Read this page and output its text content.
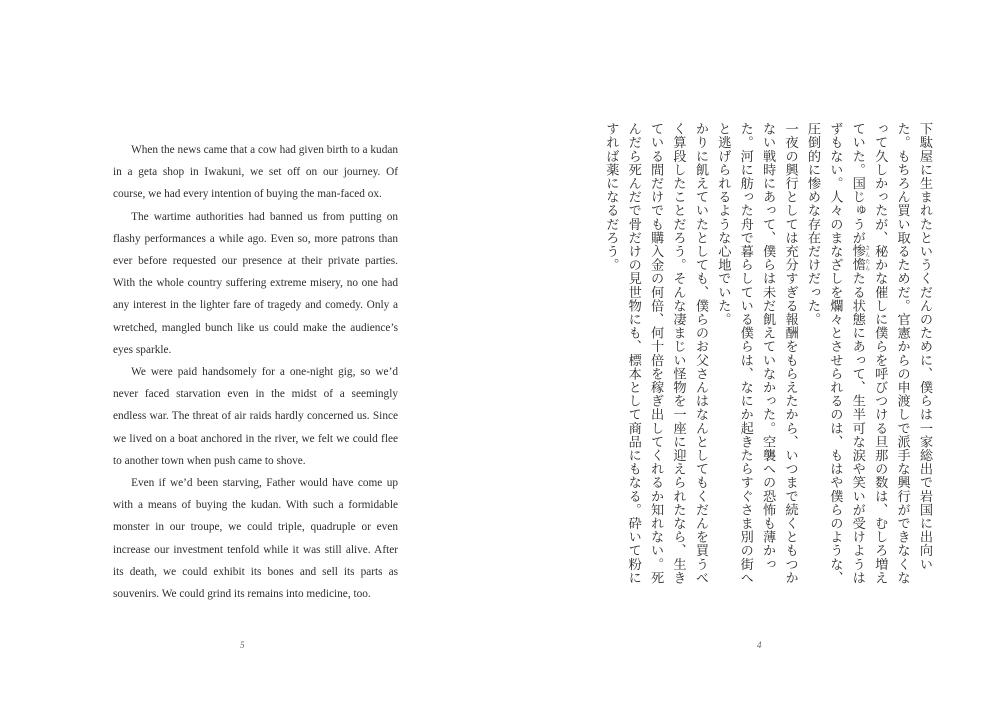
When the news came that a cow had given birth to a kudan in a geta shop in Iwakuni, we set off on our journey. Of course, we had every intention of buying the man-faced ox.

The wartime authorities had banned us from putting on flashy performances a while ago. Even so, more patrons than ever before requested our presence at their private parties. With the whole country suffering extreme misery, no one had any interest in the lighter fare of tragedy and comedy. Only a wretched, mangled bunch like us could make the audience’s eyes sparkle.

We were paid handsomely for a one-night gig, so we’d never faced starvation even in the midst of a seemingly endless war. The threat of air raids hardly concerned us. Since we lived on a boat anchored in the river, we felt we could flee to another town when push came to shove.

Even if we’d been starving, Father would have come up with a means of buying the kudan. With such a formidable monster in our troupe, we could triple, quadruple or even increase our investment tenfold while it was still alive. After its death, we could exhibit its bones and sell its parts as souvenirs. We could grind its remains into medicine, too.

5

下駄屋に生まれたというくだんのために、僕らは一家総出で岩国に出向いた。もちろん買い取るためだ。官憲からの申渡しで派手な興行ができなくなって久しかったが、秘かな催しに僕らを呼びつける旦那の数は、むしろ増えていた。国じゅうが惨憺 さんたんたる状態にあって、生半可な涙や笑いが受けようはずもない。人々のまなざしを爛々とさせられるのは、もはや僕らのような、圧倒的に惨めな存在だけだった。

一夜の興行としては充分すぎる報酬をもらえたから、いつまで続くともつかない戦時にあって、僕らは未だ飢えていなかった。空襲への恐怖も薄かった。河に舫った舟で暮らしている僕らは、なにか起きたらすぐさま別の街へと逃げられるような心地でいた。

かりに飢えていたとしても、僕らのお父さんはなんとしてもくだんを買うべく算段したことだろう。そんな凄まじい怪物を一座に迎えられたなら、生きている間だけでも購入金の何倍、何十倍を稼ぎ出してくれるか知れない。死んだら死んだで骨だけの見世物にも、標本として商品にもなる。砕いて粉にすれば薬になるだろう。

4
